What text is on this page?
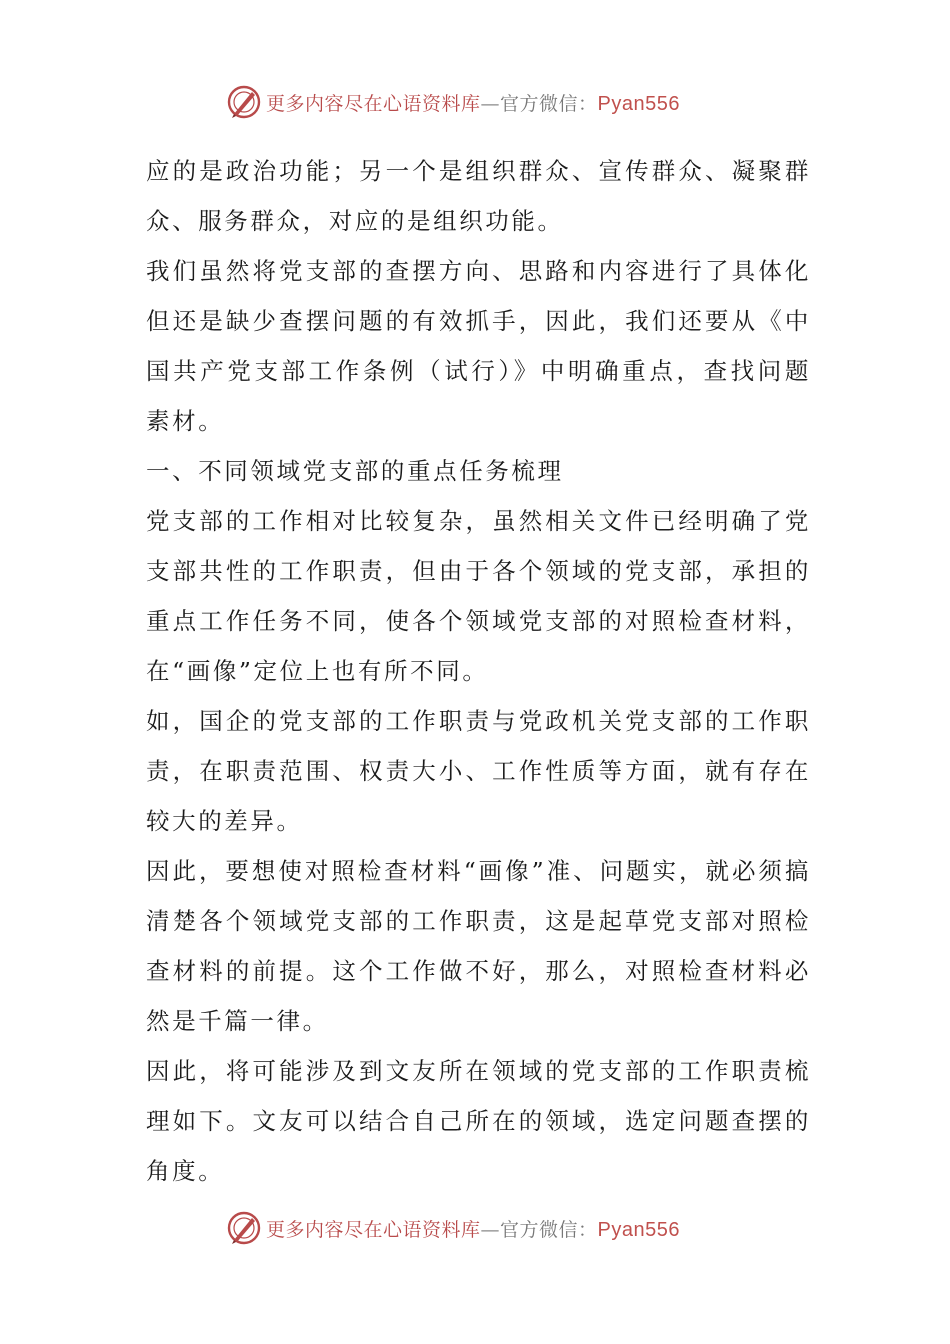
更多内容尽在心语资料库—官方微信：Pyan556

应的是政治功能；另一个是组织群众、宣传群众、凝聚群众、服务群众，对应的是组织功能。

我们虽然将党支部的查摆方向、思路和内容进行了具体化但还是缺少查摆问题的有效抓手，因此，我们还要从《中国共产党支部工作条例（试行）》中明确重点，查找问题素材。

一、不同领域党支部的重点任务梳理

党支部的工作相对比较复杂，虽然相关文件已经明确了党支部共性的工作职责，但由于各个领域的党支部，承担的重点工作任务不同，使各个领域党支部的对照检查材料，在“画像”定位上也有所不同。

如，国企的党支部的工作职责与党政机关党支部的工作职责，在职责范围、权责大小、工作性质等方面，就有存在较大的差异。

因此，要想使对照检查材料“画像”准、问题实，就必须搞清楚各个领域党支部的工作职责，这是起草党支部对照检查材料的前提。这个工作做不好，那么，对照检查材料必然是千篇一律。

因此，将可能涉及到文友所在领域的党支部的工作职责梳理如下。文友可以结合自己所在的领域，选定问题查摆的角度。

更多内容尽在心语资料库—官方微信：Pyan556
